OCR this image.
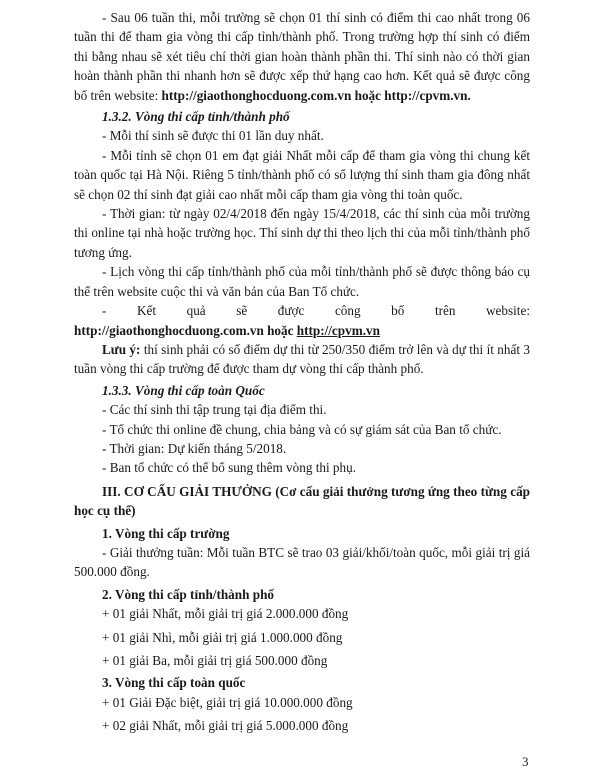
- Sau 06 tuần thi, mỗi trường sẽ chọn 01 thí sinh có điểm thi cao nhất trong 06 tuần thi để tham gia vòng thi cấp tỉnh/thành phố. Trong trường hợp thí sinh có điểm thi bằng nhau sẽ xét tiêu chí thời gian hoàn thành phần thi. Thí sinh nào có thời gian hoàn thành phần thi nhanh hơn sẽ được xếp thứ hạng cao hơn. Kết quả sẽ được công bố trên website: http://giaothonghocduong.com.vn hoặc http://cpvm.vn.

1.3.2. Vòng thi cấp tỉnh/thành phố

- Mỗi thí sinh sẽ được thi 01 lần duy nhất.

- Mỗi tỉnh sẽ chọn 01 em đạt giải Nhất mỗi cấp để tham gia vòng thi chung kết toàn quốc tại Hà Nội. Riêng 5 tỉnh/thành phố có số lượng thí sinh tham gia đông nhất sẽ chọn 02 thí sinh đạt giải cao nhất mỗi cấp tham gia vòng thi toàn quốc.

- Thời gian: từ ngày 02/4/2018 đến ngày 15/4/2018, các thí sinh của mỗi trường thi online tại nhà hoặc trường học. Thí sinh dự thi theo lịch thi của mỗi tỉnh/thành phố tương ứng.

- Lịch vòng thi cấp tỉnh/thành phố của mỗi tỉnh/thành phố sẽ được thông báo cụ thể trên website cuộc thi và văn bản của Ban Tổ chức.

- Kết quả sẽ được công bố trên website:

http://giaothonghocduong.com.vn hoặc http://cpvm.vn

Lưu ý: thí sinh phải có số điểm dự thi từ 250/350 điểm trở lên và dự thi ít nhất 3 tuần vòng thi cấp trường để được tham dự vòng thi cấp thành phố.

1.3.3. Vòng thi cấp toàn Quốc

- Các thí sinh thi tập trung tại địa điểm thi.

- Tổ chức thi online đề chung, chia bảng và có sự giám sát của Ban tổ chức.

- Thời gian: Dự kiến tháng 5/2018.

- Ban tổ chức có thể bổ sung thêm vòng thi phụ.

III. CƠ CẤU GIẢI THƯỞNG (Cơ cấu giải thưởng tương ứng theo từng cấp học cụ thể)

1. Vòng thi cấp trường

- Giải thưởng tuần: Mỗi tuần BTC sẽ trao 03 giải/khối/toàn quốc, mỗi giải trị giá 500.000 đồng.

2. Vòng thi cấp tỉnh/thành phố

+ 01 giải Nhất, mỗi giải trị giá 2.000.000 đồng

+ 01 giải Nhì, mỗi giải trị giá 1.000.000 đồng

+ 01 giải Ba, mỗi giải trị giá 500.000 đồng

3. Vòng thi cấp toàn quốc

+ 01 Giải Đặc biệt, giải trị giá 10.000.000 đồng

+ 02 giải Nhất, mỗi giải trị giá 5.000.000 đồng

3
